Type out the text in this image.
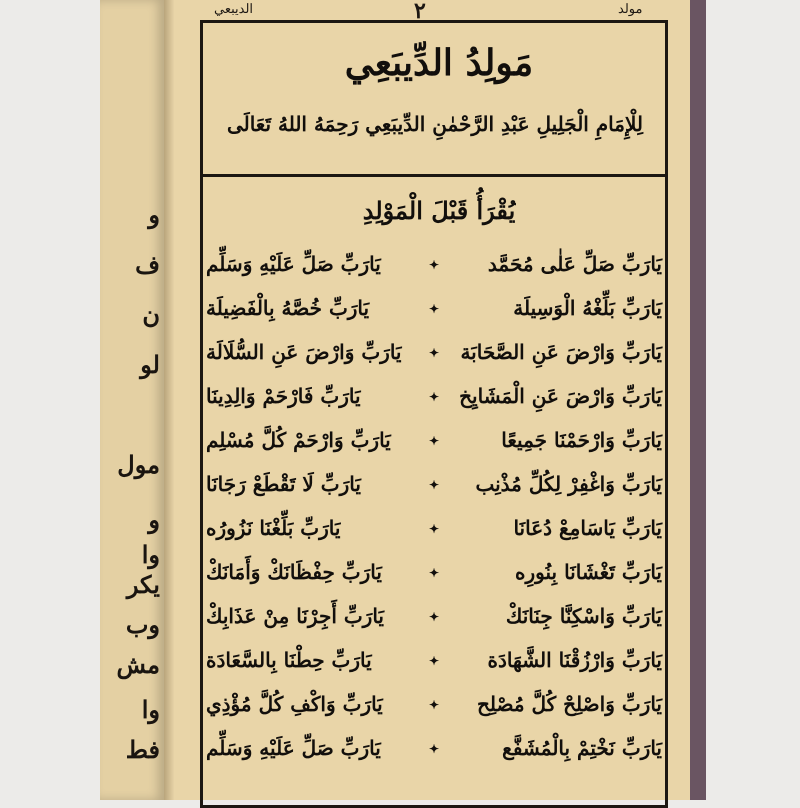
و
ف
ن
لو
مول
و
وا
يكر
وب
مش
وا
فط
الديبعي	٢	مولد
مَولِدُ الدِّيبَعِي
لِلْإِمَامِ الْجَلِيلِ عَبْدِ الرَّحْمٰنِ الدِّيبَعِي رَحِمَهُ اللهُ تَعَالَى
يُقْرَأُ قَبْلَ الْمَوْلِدِ
يَارَبِّ صَلِّ عَلٰى مُحَمَّد
✦
يَارَبِّ صَلِّ عَلَيْهِ وَسَلِّم
يَارَبِّ بَلِّغْهُ الْوَسِيلَة
✦
يَارَبِّ خُصَّهُ بِالْفَضِيلَة
يَارَبِّ وَارْضَ عَنِ الصَّحَابَة
✦
يَارَبِّ وَارْضَ عَنِ السُّلَالَة
يَارَبِّ وَارْضَ عَنِ الْمَشَايِخ
✦
يَارَبِّ فَارْحَمْ وَالِدِينَا
يَارَبِّ وَارْحَمْنَا جَمِيعًا
✦
يَارَبِّ وَارْحَمْ كُلَّ مُسْلِم
يَارَبِّ وَاغْفِرْ لِكُلِّ مُذْنِب
✦
يَارَبِّ لَا تَقْطَعْ رَجَانَا
يَارَبِّ يَاسَامِعْ دُعَانَا
✦
يَارَبِّ بَلِّغْنَا نَزُورُه
يَارَبِّ تَغْشَانَا بِنُورِه
✦
يَارَبِّ حِفْظَانَكْ وَأَمَانَكْ
يَارَبِّ وَاسْكِنَّا جِنَانَكْ
✦
يَارَبِّ أَجِرْنَا مِنْ عَذَابِكْ
يَارَبِّ وَارْزُقْنَا الشَّهَادَة
✦
يَارَبِّ حِطْنَا بِالسَّعَادَة
يَارَبِّ وَاصْلِحْ كُلَّ مُصْلِح
✦
يَارَبِّ وَاكْفِ كُلَّ مُؤْذِي
يَارَبِّ نَخْتِمْ بِالْمُشَفَّع
✦
يَارَبِّ صَلِّ عَلَيْهِ وَسَلِّم
